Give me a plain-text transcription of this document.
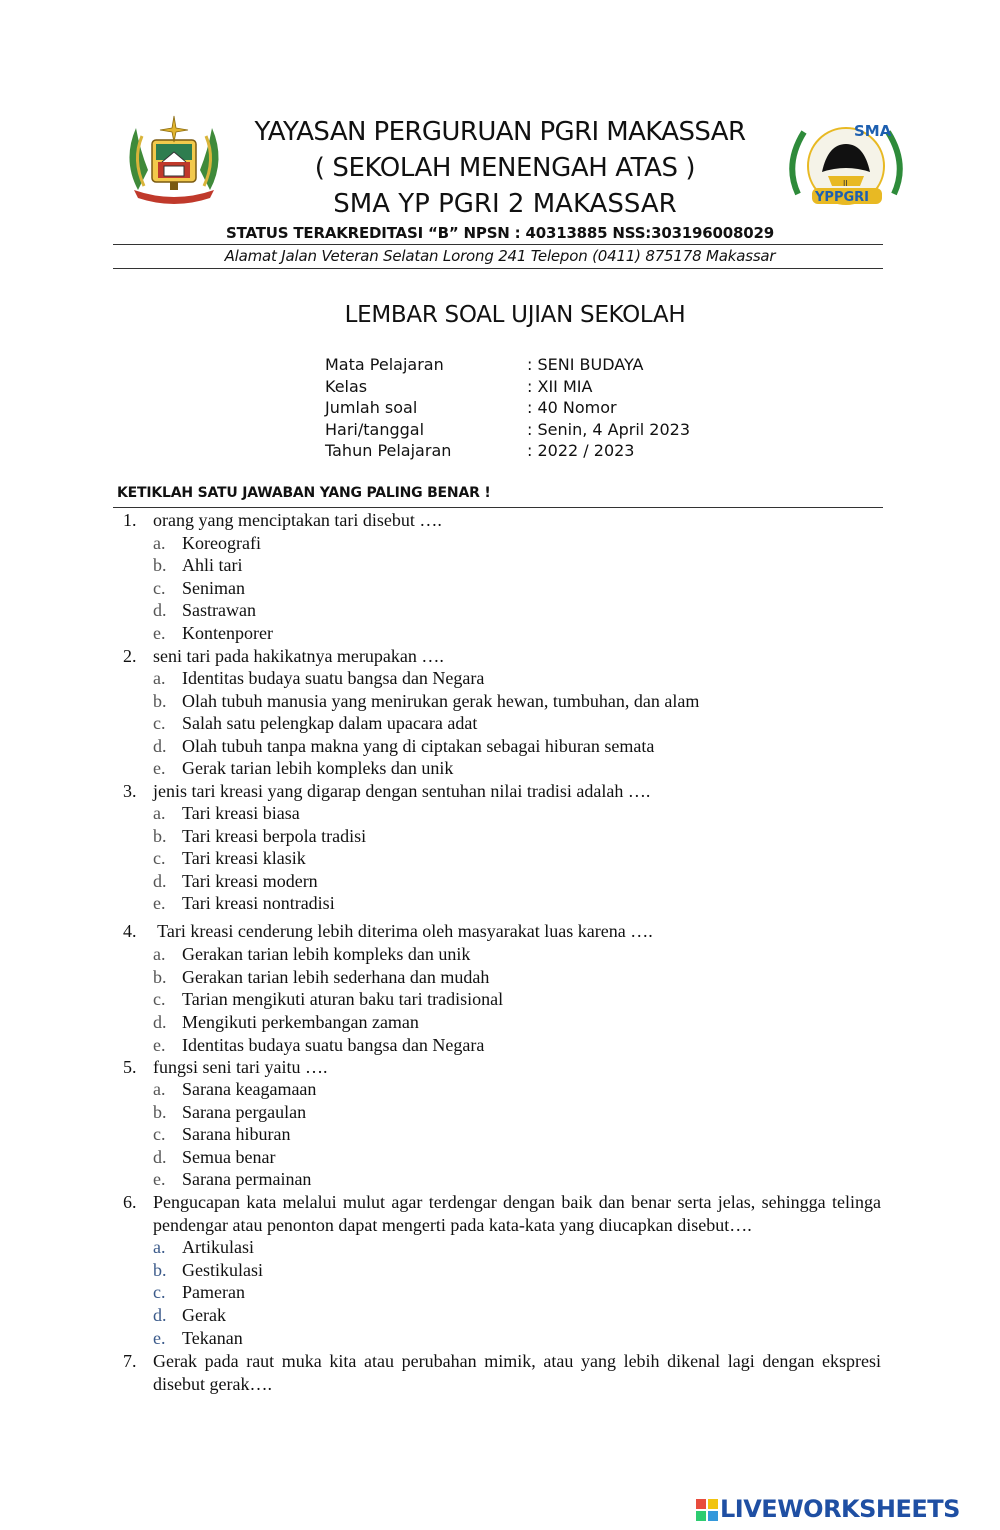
SMA
II
YPPGRI
YAYASAN PERGURUAN PGRI MAKASSAR
( SEKOLAH MENENGAH ATAS )
SMA YP PGRI 2 MAKASSAR
STATUS TERAKREDITASI “B” NPSN : 40313885 NSS:303196008029
Alamat Jalan Veteran Selatan Lorong 241 Telepon (0411) 875178 Makassar
LEMBAR SOAL UJIAN SEKOLAH
Mata Pelajaran	: SENI BUDAYA
Kelas	: XII MIA
Jumlah soal	: 40 Nomor
Hari/tanggal	: Senin, 4 April 2023
Tahun Pelajaran	: 2022 / 2023
KETIKLAH SATU JAWABAN YANG PALING BENAR !
1. orang yang menciptakan tari disebut ….
a. Koreografi
b. Ahli tari
c. Seniman
d. Sastrawan
e. Kontenporer
2. seni tari pada hakikatnya merupakan ….
a. Identitas budaya suatu bangsa dan Negara
b. Olah tubuh manusia yang menirukan gerak hewan, tumbuhan, dan alam
c. Salah satu pelengkap dalam upacara adat
d. Olah tubuh tanpa makna yang di ciptakan sebagai hiburan semata
e. Gerak tarian lebih kompleks dan unik
3. jenis tari kreasi yang digarap dengan sentuhan nilai tradisi adalah ….
a. Tari kreasi biasa
b. Tari kreasi berpola tradisi
c. Tari kreasi klasik
d. Tari kreasi modern
e. Tari kreasi nontradisi
4. Tari kreasi cenderung lebih diterima oleh masyarakat luas karena ….
a. Gerakan tarian lebih kompleks dan unik
b. Gerakan tarian lebih sederhana dan mudah
c. Tarian mengikuti aturan baku tari tradisional
d. Mengikuti perkembangan zaman
e. Identitas budaya suatu bangsa dan Negara
5. fungsi seni tari yaitu ….
a. Sarana keagamaan
b. Sarana pergaulan
c. Sarana hiburan
d. Semua benar
e. Sarana permainan
6. Pengucapan kata melalui mulut agar terdengar dengan baik dan benar serta jelas, sehingga telinga pendengar atau penonton dapat mengerti pada kata-kata yang diucapkan disebut….
a. Artikulasi
b. Gestikulasi
c. Pameran
d. Gerak
e. Tekanan
7. Gerak pada raut muka kita atau perubahan mimik, atau yang lebih dikenal lagi dengan ekspresi disebut gerak….
LIVEWORKSHEETS
